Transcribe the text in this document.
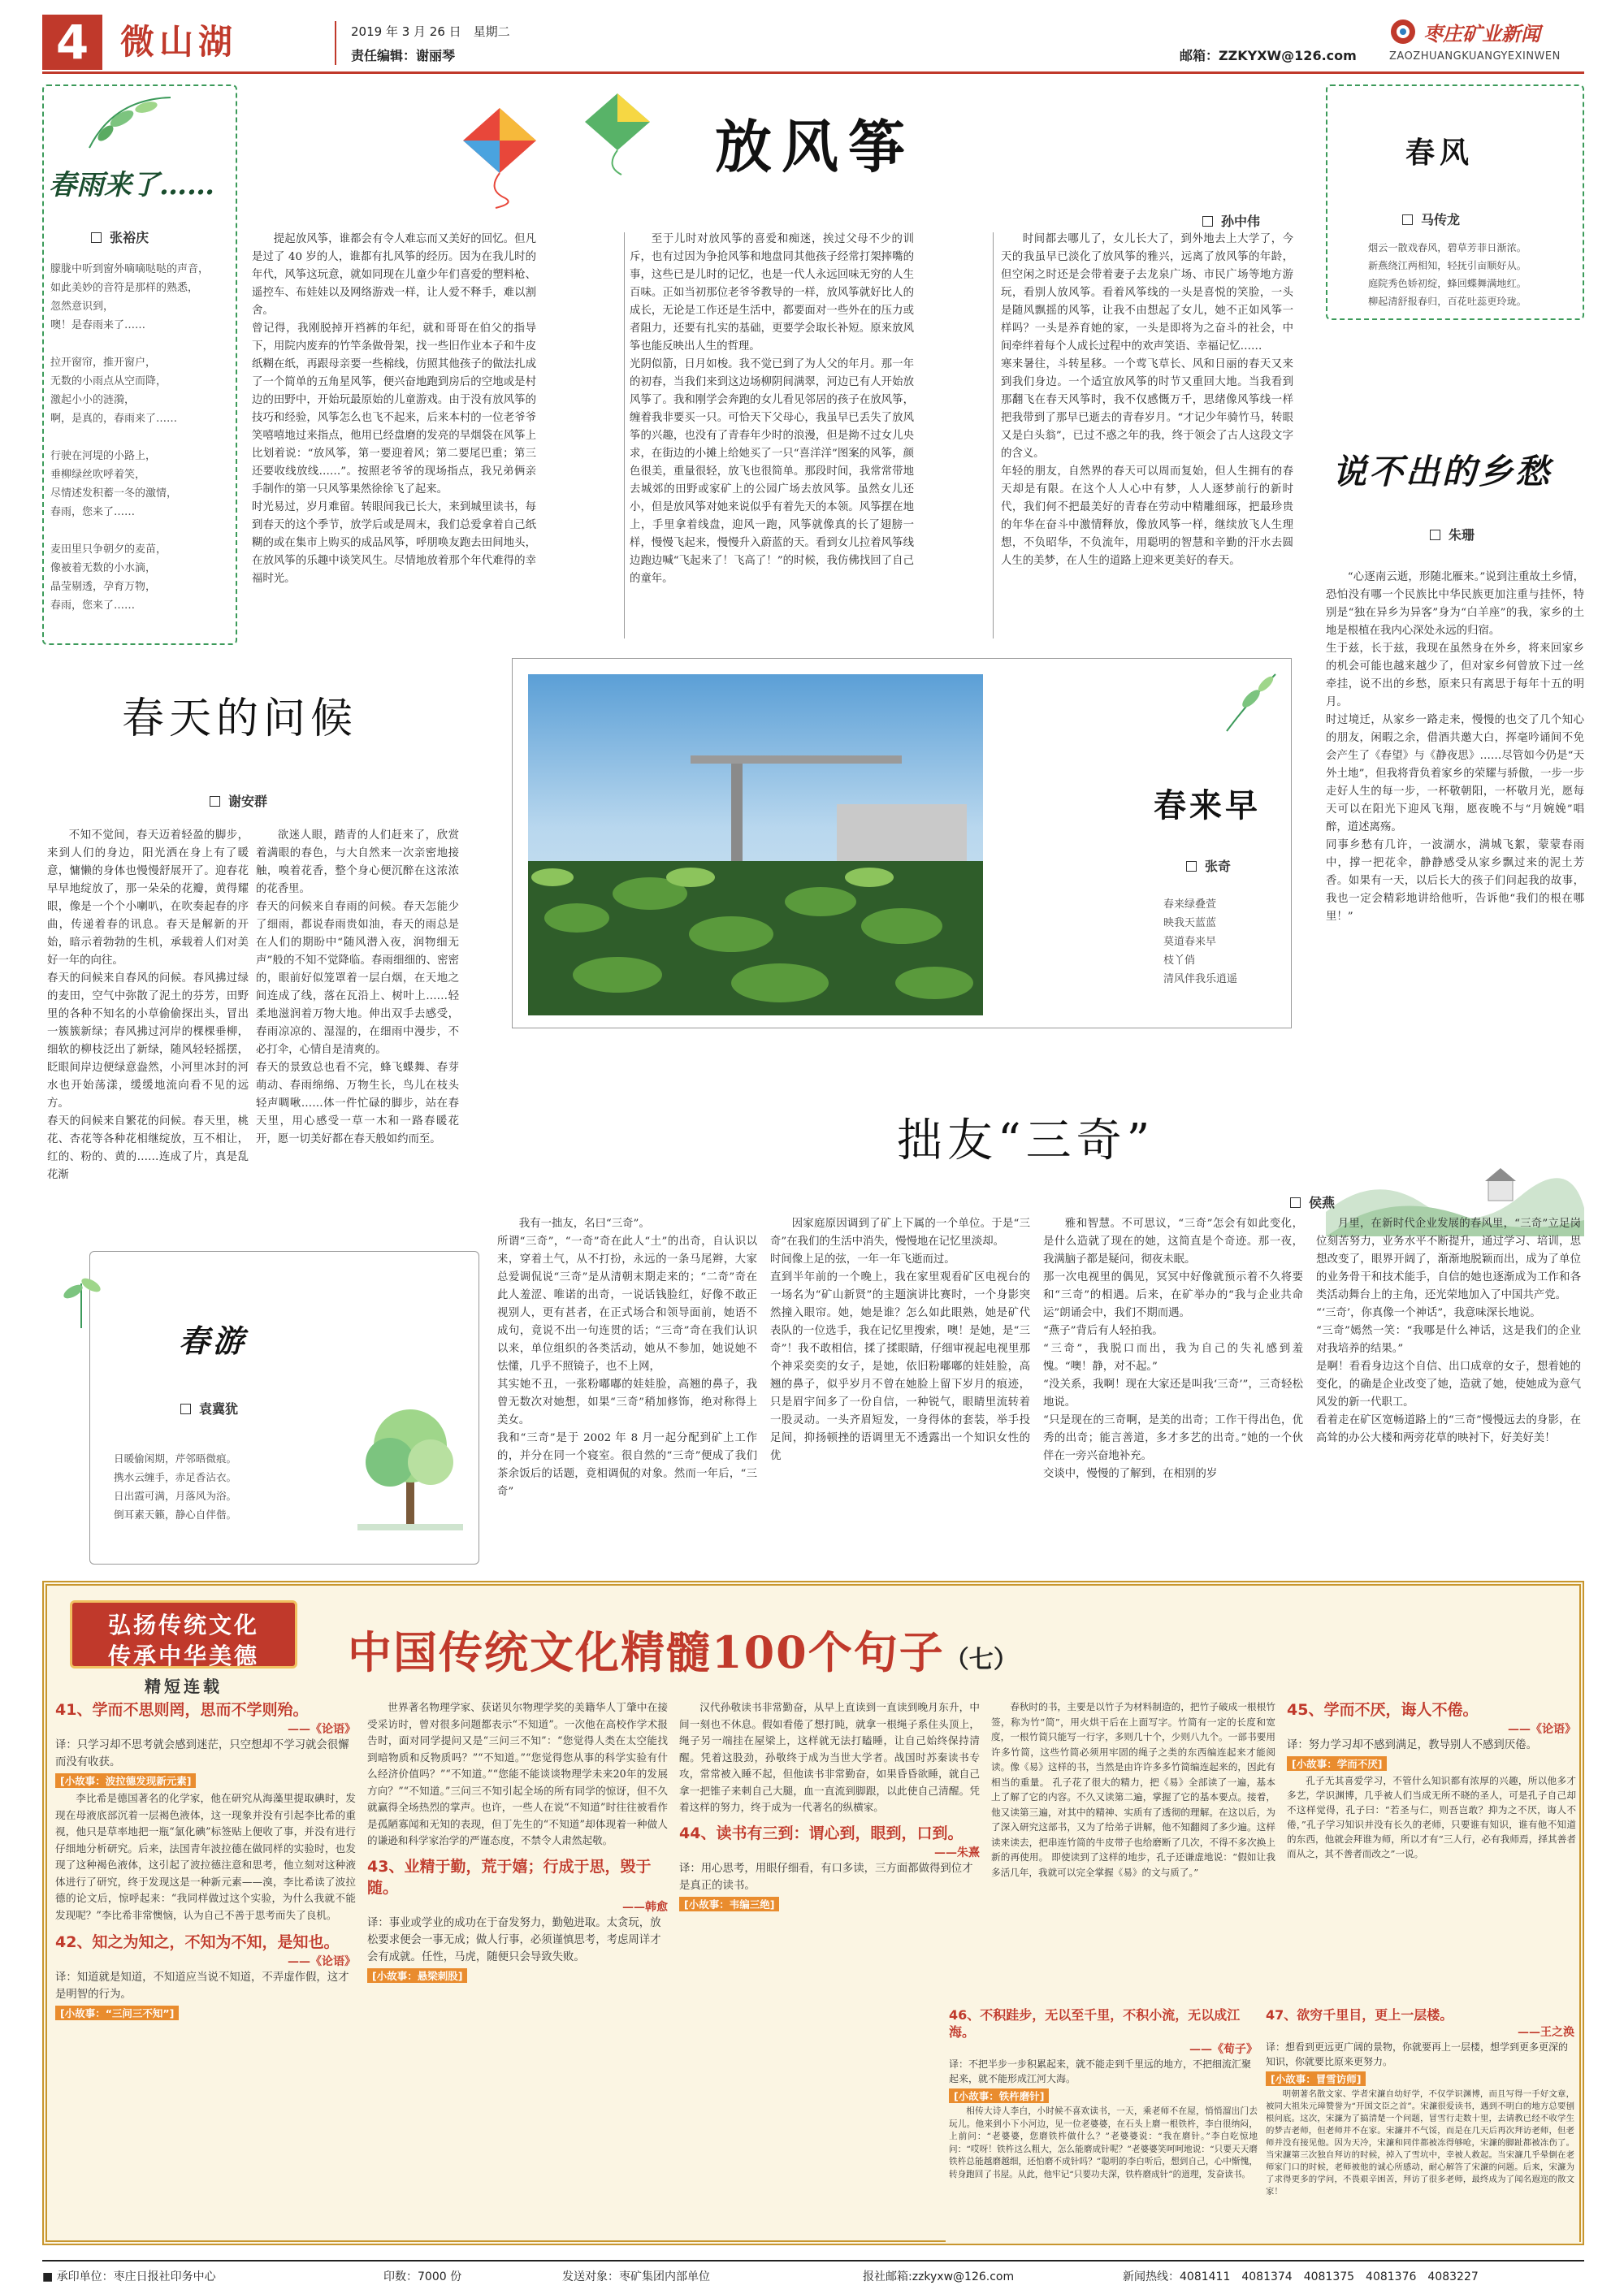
4 微山湖	2019 年 3 月 26 日　星期二
责任编辑：谢丽琴	邮箱：ZZKYXW@126.com
枣庄矿业新闻
ZAOZHUANGKUANGYEXINWEN
春雨来了……
张裕庆
朦胧中听到窗外嘀嘀哒哒的声音，
如此美妙的音符是那样的熟悉，
忽然意识到，
噢！是春雨来了……

拉开窗帘，推开窗户，
无数的小雨点从空而降，
激起小小的涟漪，
啊，是真的，春雨来了……

行驶在河堤的小路上，
垂柳绿丝吹呼着笑，
尽情述发积蓄一冬的激情，
春雨，您来了……

麦田里只争朝夕的麦苗，
像被着无数的小水滴，
晶莹剔透，孕育万物，
春雨，您来了……
放风筝
孙中伟

提起放风筝，谁都会有令人难忘而又美好的回忆。但凡是过了 40 岁的人，谁都有扎风筝的经历。因为在我儿时的年代，风筝这玩意，就如同现在儿童少年们喜爱的塑料枪、遥控车、布娃娃以及网络游戏一样，让人爱不释手，难以割舍。
曾记得，我刚脱掉开裆裤的年纪，就和哥哥在伯父的指导下，用院内废弃的竹竿条做骨架，找一些旧作业本子和牛皮纸糊在纸，再跟母亲要一些棉线，仿照其他孩子的做法扎成了一个简单的五角星风筝，便兴奋地跑到房后的空地或是村边的田野中，开始玩最原始的儿童游戏。由于没有放风筝的技巧和经验，风筝怎么也飞不起来，后来本村的一位老爷爷笑嘻嘻地过来指点，他用已经盘磨的发亮的旱烟袋在风筝上比划着说：“放风筝，第一要迎着风；第二要尾巴重；第三还要收线放线……”。按照老爷爷的现场指点，我兄弟俩亲手制作的第一只风筝果然徐徐飞了起来。
时光易过，岁月难留。转眼间我已长大，来到城里读书，每到春天的这个季节，放学后或是周末，我们总爱拿着自己纸糊的或在集市上购买的成品风筝，呼朋唤友跑去田间地头，在放风筝的乐趣中谈笑风生。尽情地放着那个年代难得的幸福时光。

至于儿时对放风筝的喜爱和痴迷，挨过父母不少的训斥，也有过因为争抢风筝和地盘同其他孩子经常打架摔嘴的事，这些已是儿时的记忆，也是一代人永远回味无穷的人生百味。正如当初那位老爷爷教导的一样，放风筝就好比人的成长，无论是工作还是生活中，都要面对一些外在的压力或者阻力，还要有扎实的基础，更要学会取长补短。原来放风筝也能反映出人生的哲理。
光阴似箭，日月如梭。我不觉已到了为人父的年月。那一年的初春，当我们来到这边场柳阴间满翠，河边已有人开始放风筝了。我和刚学会奔跑的女儿看见邻居的孩子在放风筝，缠着我非要买一只。可恰天下父母心，我虽早已丢失了放风筝的兴趣，也没有了青春年少时的浪漫，但是拗不过女儿央求，在街边的小摊上给她买了一只“喜洋洋”图案的风筝，颜色很美，重量很轻，放飞也很简单。那段时间，我常常带地去城郊的田野或家矿上的公园广场去放风筝。虽然女儿还小，但是放风筝对她来说似乎有着先天的本领。风筝摆在地上，手里拿着线盘，迎风一跑，风筝就像真的长了翅膀一样，慢慢飞起来，慢慢升入蔚蓝的天。看到女儿拉着风筝线边跑边喊“飞起来了！飞高了！”的时候，我仿佛找回了自己的童年。

时间都去哪儿了，女儿长大了，到外地去上大学了，今天的我虽早已淡化了放风筝的雅兴，远离了放风筝的年龄，但空闲之时还是会带着妻子去龙泉广场、市民广场等地方游玩，看别人放风筝。看着风筝线的一头是喜悦的笑脸，一头是随风飘摇的风筝，让我不由想起了女儿，她不正如风筝一样吗？一头是养育她的家，一头是即将为之奋斗的社会，中间牵绊着每个人成长过程中的欢声笑语、幸福记忆……
寒来暑往，斗转星移。一个莺飞草长、风和日丽的春天又来到我们身边。一个适宜放风筝的时节又重回大地。当我看到那翻飞在春天风筝时，我不仅感慨万千，思绪像风筝线一样把我带到了那早已逝去的青春岁月。“才记少年骑竹马，转眼又是白头翁”，已过不惑之年的我，终于领会了古人这段文字的含义。
年轻的朋友，自然界的春天可以周而复始，但人生拥有的春天却是有限。在这个人人心中有梦，人人逐梦前行的新时代，我们何不把最美好的青春在劳动中精雕细琢，把最珍贵的年华在奋斗中激情释放，像放风筝一样，继续放飞人生理想，不负昭华，不负流年，用聪明的智慧和辛勤的汗水去圆人生的美梦，在人生的道路上迎来更美好的春天。

春风
马传龙
烟云一散戏春风，碧草芳菲日渐浓。
新燕绕江两相知，轻抚引亩顺好从。
庭院秀色娇初绽，蜂回蝶舞满地红。
柳起清舒报春归，百花吐蕊更玲珑。
说不出的乡愁
朱珊

“心逐南云逝，形随北雁来。”说到注重故土乡情，恐怕没有哪一个民族比中华民族更加注重与挂怀，特别是“独在异乡为异客”身为“白羊座”的我，家乡的土地是根植在我内心深处永远的归宿。
生于兹，长于兹，我现在虽然身在外乡，将来回家乡的机会可能也越来越少了，但对家乡何曾放下过一丝牵挂，说不出的乡愁，原来只有离思于每年十五的明月。
时过境迁，从家乡一路走来，慢慢的也交了几个知心的朋友，闲暇之余，借酒共邀大白，挥毫吟诵间不免会产生了《春望》与《静夜思》……尽管如今仍是“天外土地”，但我将背负着家乡的荣耀与骄傲，一步一步走好人生的每一步，一杯敬朝阳，一杯敬月光，愿每天可以在阳光下迎风飞翔，愿夜晚不与“月婉娩”唱醉，道述离殇。
同事乡愁有几许，一波湖水，满城飞絮，蒙蒙春雨中，撑一把花伞，静静感受从家乡飘过来的泥土芳香。如果有一天，以后长大的孩子们问起我的故事，我也一定会精彩地讲给他听，告诉他“我们的根在哪里！”

春天的问候
谢安群

不知不觉间，春天迈着轻盈的脚步，来到人们的身边，阳光洒在身上有了暖意，慵懒的身体也慢慢舒展开了。迎春花早早地绽放了，那一朵朵的花瓣，黄得耀眼，像是一个个小喇叭，在吹奏起春的序曲，传递着春的讯息。春天是解新的开始，暗示着勃勃的生机，承载着人们对美好一年的向往。
春天的问候来自春风的问候。春风拂过绿的麦田，空气中弥散了泥土的芬芳，田野里的各种不知名的小草偷偷探出头，冒出一簇簇新绿；春风拂过河岸的棵棵垂柳，细软的柳枝泛出了新绿，随风轻轻摇摆，眨眼间岸边便绿意盎然，小河里冰封的河水也开始荡漾，缓缓地流向看不见的远方。
春天的问候来自繁花的问候。春天里，桃花、杏花等各种花相继绽放，互不相让，红的、粉的、黄的……连成了片，真是乱花渐

欲迷人眼，踏青的人们赶来了，欣赏着满眼的春色，与大自然来一次亲密地接触，嗅着花香，整个身心便沉醉在这浓浓的花香里。
春天的问候来自春雨的问候。春天怎能少了细雨，都说春雨贵如油，春天的雨总是在人们的期盼中“随风潜入夜，润物细无声”般的不知不觉降临。春雨细细的、密密的，眼前好似笼罩着一层白烟，在天地之间连成了线，落在瓦沿上、树叶上……轻柔地滋润着万物大地。伸出双手去感受，春雨凉凉的、湿湿的，在细雨中漫步，不必打伞，心情自是清爽的。
春天的景致总也看不完，蜂飞蝶舞、春芽萌动、春雨绵绵、万物生长，鸟儿在枝头轻声啁啾……体一件忙碌的脚步，站在春天里，用心感受一草一木和一路春暖花开，愿一切美好都在春天般如约而至。

春来早
张奇
春来绿叠萱
映我天蓝蓝
莫道春来早
枝丫俏
清风伴我乐逍遥
春游
袁冀犹
日暖偷闲期，芹邻晤微痕。
携水云缠手，赤足香沾衣。
日出霞可满，月落风为浴。
倒耳素天籁，静心自伴偕。
拙友“三奇”
侯燕

我有一拙友，名曰“三奇”。
所谓“三奇”，“一奇”奇在此人“土”的出奇，自认识以来，穿着土气，从不打扮，永远的一条马尾辫，大家总爱调侃说“三奇”是从清朝末期走来的；“二奇”奇在此人羞涩、唯诺的出奇，一说话钱脸红，好像不敢正视别人，更有甚者，在正式场合和领导面前，她语不成句，竟说不出一句连贯的话；“三奇”奇在我们认识以来，单位组织的各类活动，她从不参加，她说她不怯懂，几乎不照镜子，也不上网，
其实她不丑，一张粉嘟嘟的娃娃脸，高翘的鼻子，我曾无数次对她想，如果“三奇”稍加修饰，绝对称得上美女。
我和“三奇”是于 2002 年 8 月一起分配到矿上工作的，并分在同一个寝室。很自然的“三奇”便成了我们茶余饭后的话题，竟相调侃的对象。然而一年后，“三奇”

因家庭原因调到了矿上下属的一个单位。于是“三奇”在我们的生活中消失，慢慢地在记忆里淡却。
时间像上足的弦，一年一年飞逝而过。
直到半年前的一个晚上，我在家里观看矿区电视台的一场名为“矿山新贤”的主题演讲比赛时，一个身影突然撞入眼帘。她，她是谁？怎么如此眼熟，她是矿代表队的一位选手，我在记忆里搜索，噢！是她，是“三奇”！我不敢相信，揉了揉眼睛，仔细审视起电视里那个神采奕奕的女子，是她，依旧粉嘟嘟的娃娃脸，高翘的鼻子，似乎岁月不曾在她脸上留下岁月的痕迹，只是眉宇间多了一份自信，一种锐气，眼睛里流转着一股灵动。一头齐眉短发，一身得体的套装，举手投足间，抑扬顿挫的语调里无不透露出一个知识女性的优

雅和智慧。不可思议，“三奇”怎会有如此变化，是什么造就了现在的她，这简直是个奇迹。那一夜，我满脑子都是疑问，彻夜未眠。
那一次电视里的偶见，冥冥中好像就预示着不久将要和“三奇”的相遇。后来，在矿举办的“我与企业共命运”朗诵会中，我们不期而遇。
“燕子”背后有人轻拍我。
“三奇”，我脱口而出，我为自己的失礼感到羞愧。“噢！静，对不起。”
“没关系，我啊！现在大家还是叫我‘三奇’”，三奇轻松地说。
“只是现在的三奇啊，是美的出奇；工作干得出色，优秀的出奇；能言善道，多才多艺的出奇。”她的一个伙伴在一旁兴奋地补充。
交谈中，慢慢的了解到，在相别的岁

月里，在新时代企业发展的春风里，“三奇”立足岗位刻苦努力，业务水平不断提升，通过学习、培训，思想改变了，眼界开阔了，渐渐地脱颖而出，成为了单位的业务骨干和技术能手，自信的她也逐渐成为工作和各类活动舞台上的主角，还光荣地加入了中国共产党。
“‘三奇’，你真像一个神话”，我意味深长地说。
“三奇”嫣然一笑：“我哪是什么神话，这是我们的企业对我培养的结果。”
是啊！看看身边这个自信、出口成章的女子，想着她的变化，的确是企业改变了她，造就了她，使她成为意气风发的新一代职工。
看着走在矿区宽畅道路上的“三奇”慢慢远去的身影，在高耸的办公大楼和两旁花草的映衬下，好美好美！

弘扬传统文化
传承中华美德
精短连载
中国传统文化精髓100个句子（七）
41、学而不思则罔，思而不学则殆。
——《论语》
译：只学习却不思考就会感到迷茫，只空想却不学习就会很懈而没有收获。
[小故事：波拉德发现新元素]
李比希是德国著名的化学家，他在研究从海藻里提取碘时，发现在母液底部沉着一层褐色液体，这一现象并没有引起李比希的重视，他只是草率地把一瓶“氯化碘”标签贴上便收了事，并没有进行仔细地分析研究。后来，法国青年波拉德在做同样的实验时，也发现了这种褐色液体，这引起了波拉德注意和思考，他立刻对这种液体进行了研究，终于发现这是一种新元素——溴，李比希读了波拉德的论文后，惊呼起来：“我同样做过这个实验，为什么我就不能发现呢？”李比希非常懊恼，认为自己不善于思考而失了良机。
42、知之为知之，不知为不知，是知也。
——《论语》
译：知道就是知道，不知道应当说不知道，不弄虚作假，这才是明智的行为。
[小故事：“三问三不知”]
世界著名物理学家、获诺贝尔物理学奖的美籍华人丁肇中在接受采访时，曾对很多问题都表示“不知道”。一次他在高校作学术报告时，面对同学提问又是“三问三不知”：“您觉得人类在太空能找到暗物质和反物质吗？”“不知道。”“您觉得您从事的科学实验有什么经济价值吗？”“不知道。”“您能不能谈谈物理学未来20年的发展方向？”“不知道。”三问三不知引起全场的所有同学的惊讶，但不久就赢得全场热烈的掌声。也许，一些人在说“不知道”时往往被看作是孤陋寡闻和无知的表现，但丁先生的“不知道”却体现着一种做人的谦逊和科学家治学的严谨态度，不禁令人肃然起敬。
43、业精于勤，荒于嬉；行成于思，毁于随。
——韩愈
译：事业或学业的成功在于奋发努力，勤勉进取。太贪玩，放松要求便会一事无成；做人行事，必须谨慎思考，考虑周详才会有成就。任性，马虎，随便只会导致失败。
[小故事：悬梁刺股]
汉代孙敬读书非常勤奋，从早上直读到一直读到晚月东升，中间一刻也不休息。假如看倦了想打盹，就拿一根绳子系住头顶上，绳子另一端挂在屋梁上，这样就无法打瞌睡，让自己始终保持清醒。凭着这股劲，孙敬终于成为当世大学者。战国时苏秦读书专攻，常常被入睡不起，但他读书非常勤奋，如果昏昏欲睡，就自己拿一把锥子来刺自己大腿，血一直流到脚跟，以此使自己清醒。凭着这样的努力，终于成为一代著名的纵横家。
44、读书有三到：谓心到，眼到，口到。
——朱熹
译：用心思考，用眼仔细看，有口多读，三方面都做得到位才是真正的读书。
[小故事：韦编三绝]
春秋时的书，主要是以竹子为材料制造的，把竹子破成一根根竹签，称为竹“简”，用火烘干后在上面写字。竹简有一定的长度和宽度，一根竹简只能写一行字，多则几十个，少则八九个。一部书要用许多竹简，这些竹简必须用牢固的绳子之类的东西编连起来才能阅读。像《易》这样的书，当然是由许许多多竹简编连起来的，因此有相当的重量。 孔子花了很大的精力，把《易》全部读了一遍，基本上了解了它的内容。不久又读第二遍，掌握了它的基本要点。接着，他又读第三遍，对其中的精神、实质有了透彻的理解。在这以后，为了深入研究这部书，又为了给弟子讲解，他不知翻阅了多少遍。这样读来读去，把串连竹简的牛皮带子也给磨断了几次，不得不多次换上新的再使用。 即使读到了这样的地步，孔子还谦虚地说：“假如让我多活几年，我就可以完全掌握《易》的文与质了。”
45、学而不厌，诲人不倦。
——《论语》
译：努力学习却不感到满足，教导别人不感到厌倦。
[小故事：学而不厌]
孔子无其喜爱学习，不管什么知识都有浓厚的兴趣，所以他多才多艺，学识渊博，几乎被人们当成无所不晓的圣人，可是孔子自己却不这样觉得，孔子曰：“若圣与仁，则吾岂敢？抑为之不厌，诲人不倦，”孔子学习知识并没有长久的老师，只要谁有知识，谁有他不知道的东西，他就会拜谁为师，所以才有“三人行，必有我师焉，择其善者而从之，其不善者而改之”一说。
46、不积跬步，无以至千里，不积小流，无以成江海。
——《荀子》
译：不把半步一步积累起来，就不能走到千里远的地方，不把细流汇聚起来，就不能形成江河大海。
[小故事：铁杵磨针]
相传大诗人李白，小时候不喜欢读书，一天，乘老师不在屋，悄悄溜出门去玩儿。他来到小下小河边，见一位老婆婆，在石头上磨一根铁杵，李白很纳闷，上前问：“老婆婆，您磨铁杵做什么？”老婆婆说：“我在磨针。”李白吃惊地问：“哎呀！铁杵这么粗大，怎么能磨成针呢？”老婆婆笑呵呵地说：“只要天天磨铁杵总能越磨越细，还怕磨不成针吗？”聪明的李白听后，想到自己，心中惭愧，转身跑回了书屋。从此，他牢记“只要功夫深，铁杵磨成针”的道理，发奋读书。
47、欲穷千里目，更上一层楼。
——王之涣
译：想看到更远更广阔的景物，你就要再上一层楼，想学到更多更深的知识，你就要比原来更努力。
[小故事：冒雪访师]
明朝著名散文家、学者宋濂自幼好学，不仅学识渊博，而且写得一手好文章，被同大祖朱元璋赞誉为“开国文臣之首”。宋濂很爱读书，遇到不明白的地方总要刨根问底。这次，宋濂为了搞清楚一个问题，冒雪行走数十里，去请教已经不收学生的梦吉老师，但老师并不在家。宋濂并不气馁，而是在几天后再次拜访老师，但老师并没有接见他。因为天冷，宋濂和同伴都被冻得够呛，宋濂的脚趾都被冻伤了。当宋濂第三次独自拜访的时候，掉入了雪坑中，幸被人救起。当宋濂几乎晕倒在老师家门口的时候，老师被他的诚心所感动，耐心解答了宋濂的问题。后来，宋濂为了求得更多的学问，不畏艰辛困苦，拜访了很多老师，最终成为了闻名遐迩的散文家！
■ 承印单位：枣庄日报社印务中心	印数：7000 份	发送对象：枣矿集团内部单位	报社邮箱:zzkyxw@126.com	新闻热线：4081411　4081374　4081375　4081376　4083227
